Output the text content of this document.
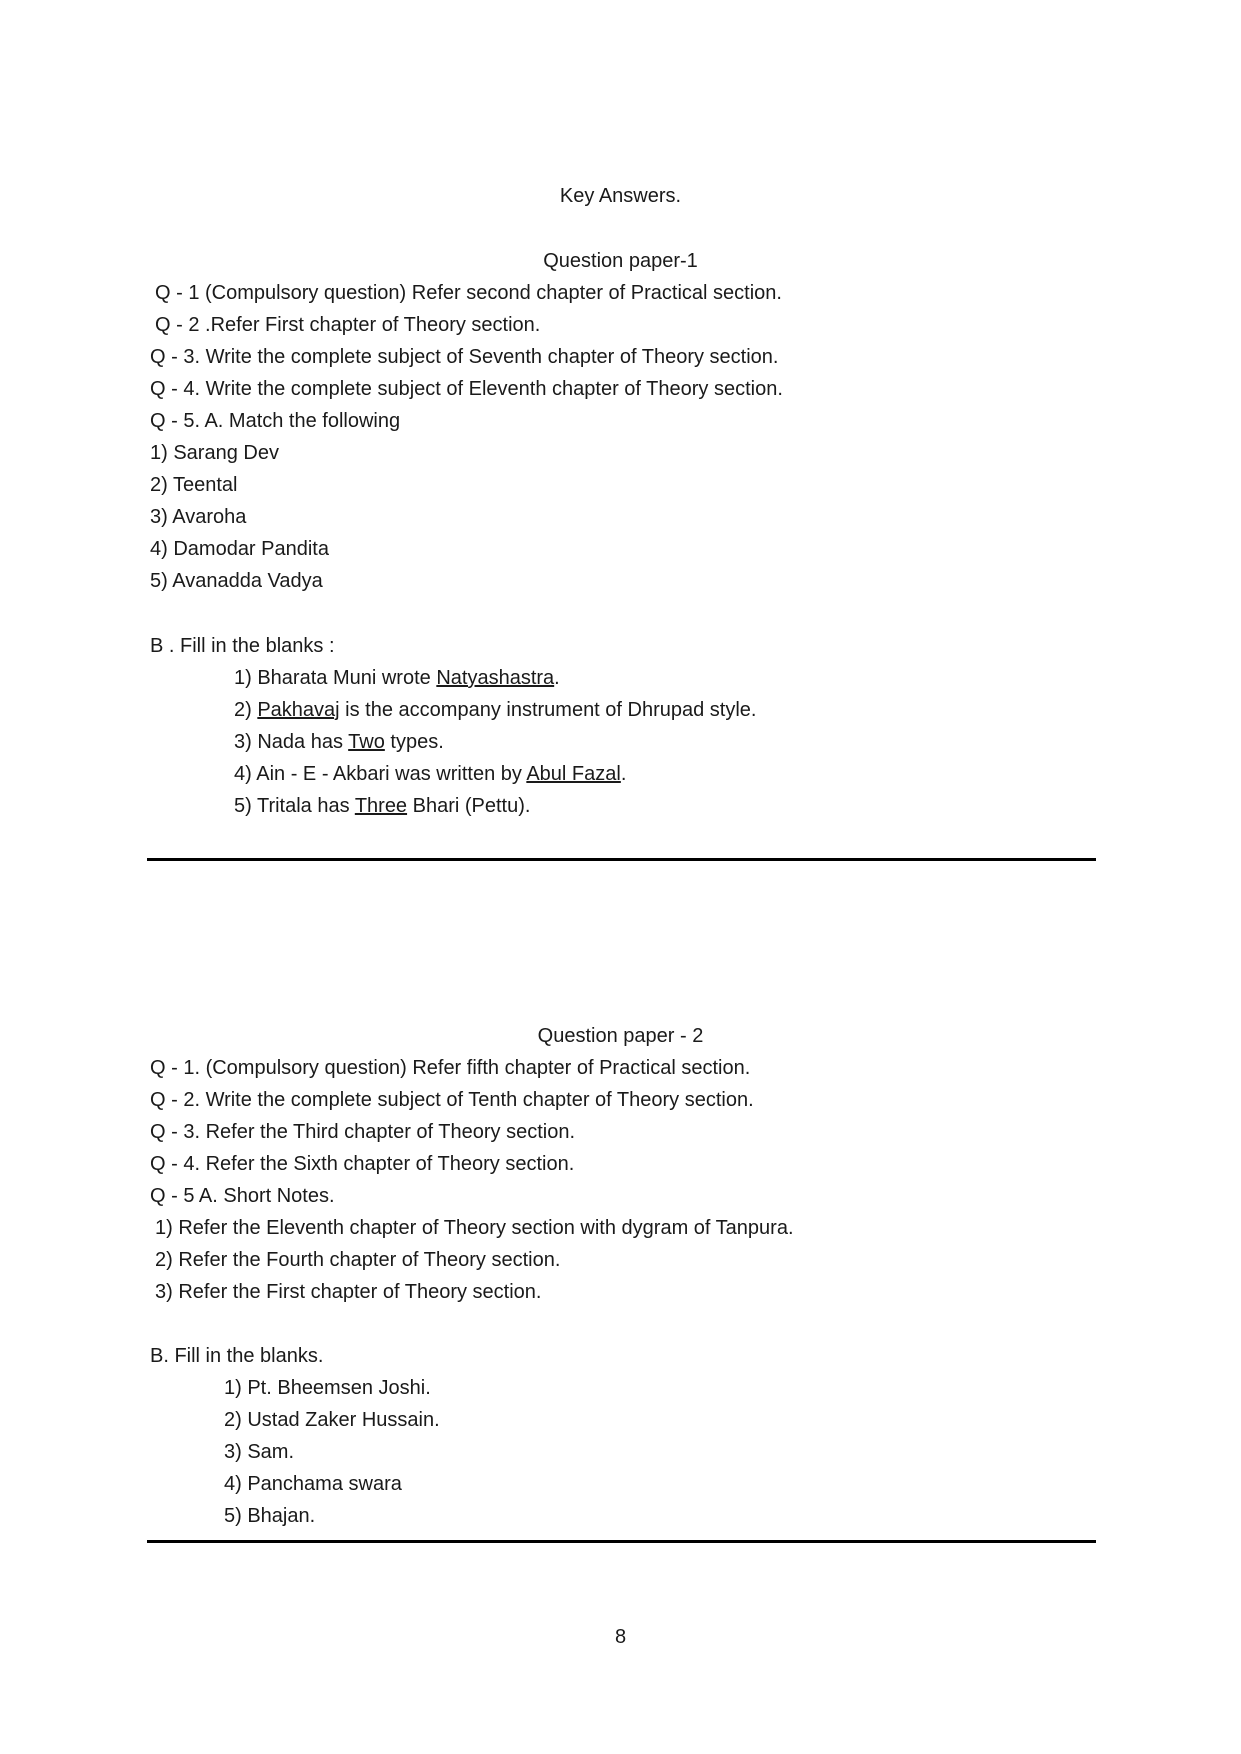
Key Answers.
Question paper-1
Q - 1 (Compulsory question) Refer second chapter of Practical section.
Q - 2 .Refer First chapter of Theory section.
Q - 3. Write the complete subject of Seventh chapter of Theory section.
Q - 4. Write the complete subject of Eleventh chapter of Theory section.
Q - 5. A. Match the following
1) Sarang Dev
2) Teental
3) Avaroha
4) Damodar Pandita
5) Avanadda Vadya
B . Fill in the blanks :
1) Bharata Muni wrote Natyashastra.
2) Pakhavaj is the accompany instrument of Dhrupad style.
3) Nada has Two types.
4) Ain - E - Akbari was written by Abul Fazal.
5) Tritala has Three Bhari (Pettu).
Question paper - 2
Q - 1. (Compulsory question) Refer fifth chapter of Practical section.
Q - 2. Write the complete subject of Tenth chapter of Theory section.
Q - 3. Refer the Third chapter of Theory section.
Q - 4. Refer the Sixth chapter of Theory section.
Q - 5 A. Short Notes.
1) Refer the Eleventh chapter of Theory section with dygram of Tanpura.
2) Refer the Fourth chapter of Theory section.
3) Refer the First chapter of Theory section.
B. Fill in the blanks.
1) Pt. Bheemsen Joshi.
2) Ustad Zaker Hussain.
3) Sam.
4) Panchama swara
5) Bhajan.
8
